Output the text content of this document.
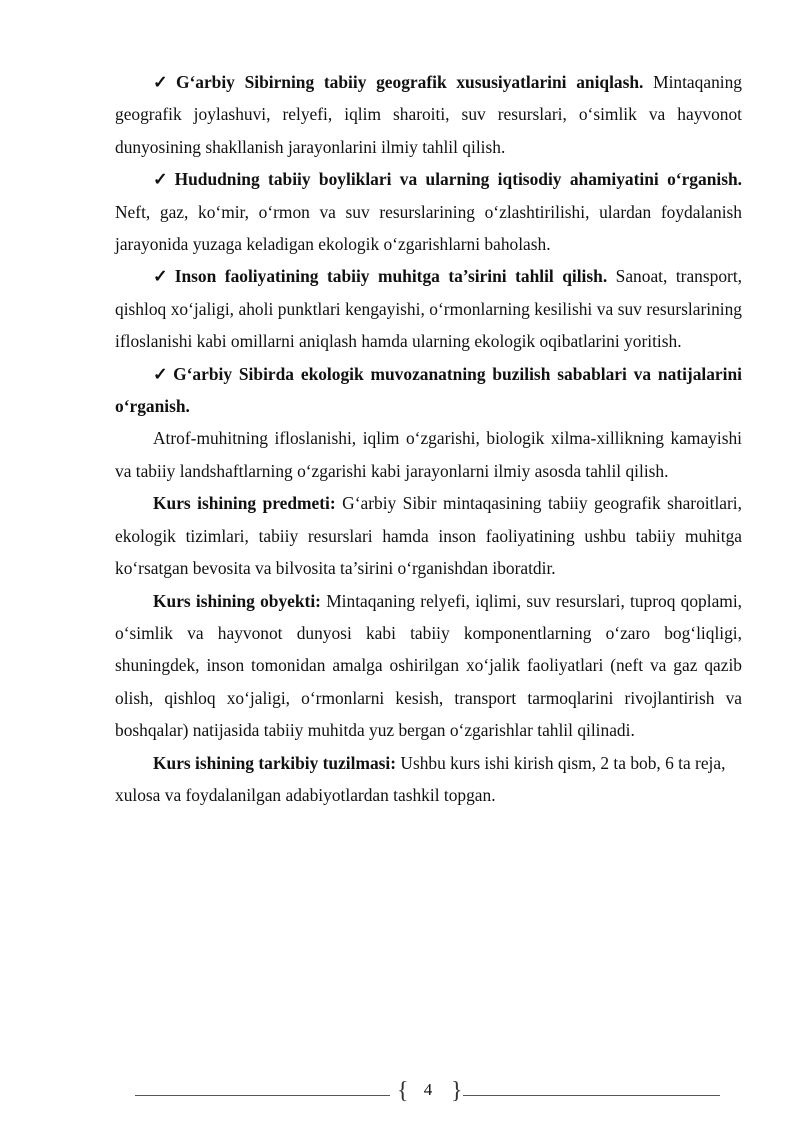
✓ G‘arbiy Sibirning tabiiy geografik xususiyatlarini aniqlash. Mintaqaning geografik joylashuvi, relyefi, iqlim sharoiti, suv resurslari, o‘simlik va hayvonot dunyosining shakllanish jarayonlarini ilmiy tahlil qilish.

✓ Hududning tabiiy boyliklari va ularning iqtisodiy ahamiyatini o‘rganish. Neft, gaz, ko‘mir, o‘rmon va suv resurslarining o‘zlashtirilishi, ulardan foydalanish jarayonida yuzaga keladigan ekologik o‘zgarishlarni baholash.

✓ Inson faoliyatining tabiiy muhitga ta’sirini tahlil qilish. Sanoat, transport, qishloq xo‘jaligi, aholi punktlari kengayishi, o‘rmonlarning kesilishi va suv resurslarining ifloslanishi kabi omillarni aniqlash hamda ularning ekologik oqibatlarini yoritish.

✓ G‘arbiy Sibirda ekologik muvozanatning buzilish sabablari va natijalarini o‘rganish.

Atrof-muhitning ifloslanishi, iqlim o‘zgarishi, biologik xilma-xillikning kamayishi va tabiiy landshaftlarning o‘zgarishi kabi jarayonlarni ilmiy asosda tahlil qilish.

Kurs ishining predmeti: G‘arbiy Sibir mintaqasining tabiiy geografik sharoitlari, ekologik tizimlari, tabiiy resurslari hamda inson faoliyatining ushbu tabiiy muhitga ko‘rsatgan bevosita va bilvosita ta’sirini o‘rganishdan iboratdir.

Kurs ishining obyekti: Mintaqaning relyefi, iqlimi, suv resurslari, tuproq qoplami, o‘simlik va hayvonot dunyosi kabi tabiiy komponentlarning o‘zaro bog‘liqligi, shuningdek, inson tomonidan amalga oshirilgan xo‘jalik faoliyatlari (neft va gaz qazib olish, qishloq xo‘jaligi, o‘rmonlarni kesish, transport tarmoqlarini rivojlantirish va boshqalar) natijasida tabiiy muhitda yuz bergan o‘zgarishlar tahlil qilinadi.

Kurs ishining tarkibiy tuzilmasi: Ushbu kurs ishi kirish qism, 2 ta bob, 6 ta reja, xulosa va foydalanilgan adabiyotlardan tashkil topgan.

{ 4 }
